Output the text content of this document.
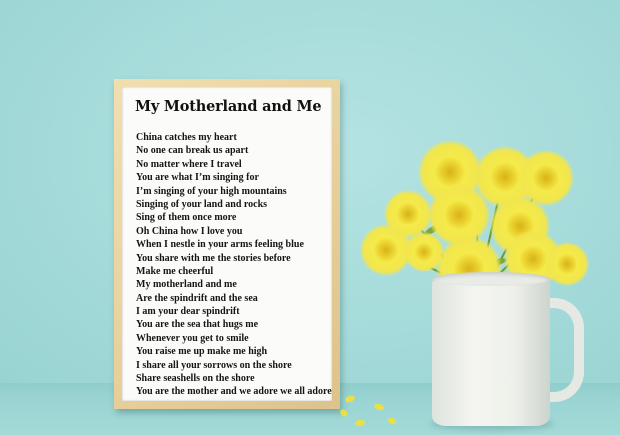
My Motherland and Me
China catches my heart
No one can break us apart
No matter where I travel
You are what I’m singing for
I’m singing of your high mountains
Singing of your land and rocks
Sing of them once more
Oh China how I love you
When I nestle in your arms feeling blue
You share with me the stories before
Make me cheerful
My motherland and me
Are the spindrift and the sea
I am your dear spindrift
You are the sea that hugs me
Whenever you get to smile
You raise me up make me high
I share all your sorrows on the shore
Share seashells on the shore
You are the mother and we adore we all adore
